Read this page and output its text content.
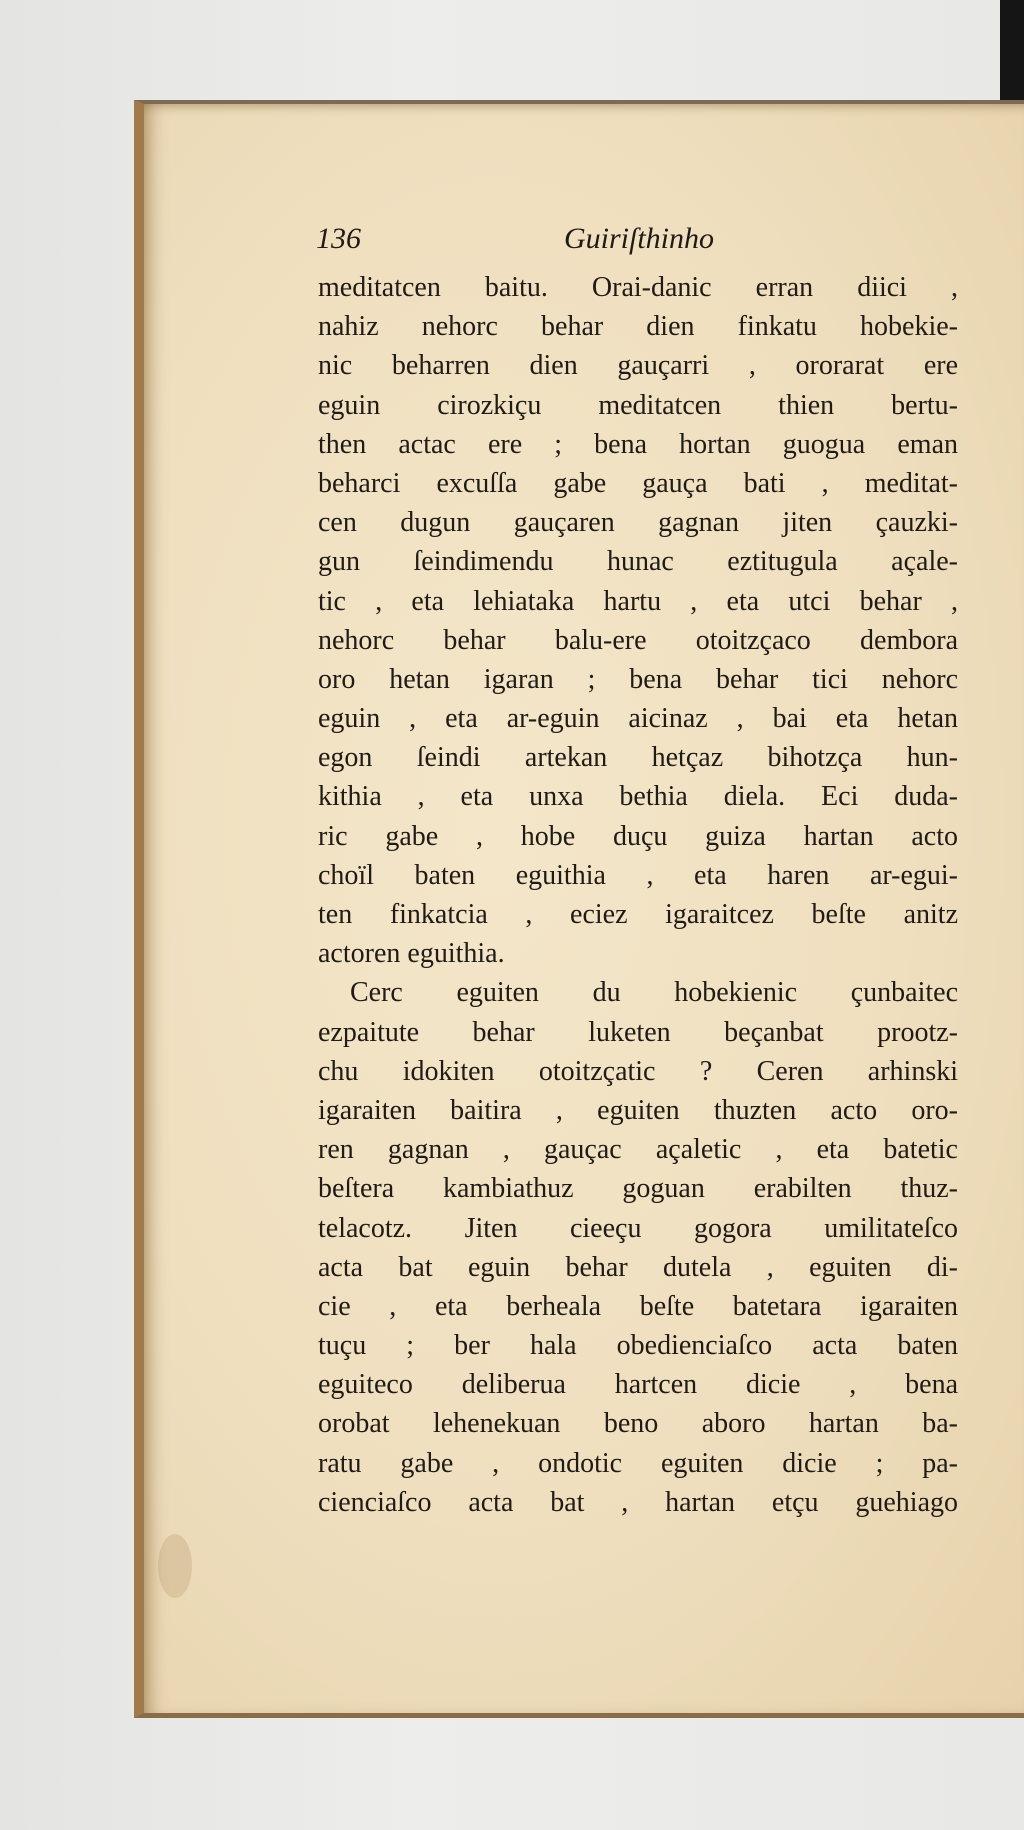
136	Guiriſthinho
meditatcen baitu. Orai-danic erran diici ,
nahiz nehorc behar dien finkatu hobekie-
nic beharren dien gauçarri , ororarat ere
eguin cirozkiçu meditatcen thien bertu-
then actac ere ; bena hortan guogua eman
beharci excuſſa gabe gauça bati , meditat-
cen dugun gauçaren gagnan jiten çauzki-
gun ſeindimendu hunac eztitugula açale-
tic , eta lehiataka hartu , eta utci behar ,
nehorc behar balu-ere otoitzçaco dembora
oro hetan igaran ; bena behar tici nehorc
eguin , eta ar-eguin aicinaz , bai eta hetan
egon ſeindi artekan hetçaz bihotzça hun-
kithia , eta unxa bethia diela. Eci duda-
ric gabe , hobe duçu guiza hartan acto
choïl baten eguithia , eta haren ar-egui-
ten finkatcia , eciez igaraitcez beſte anitz
actoren eguithia.
Cerc eguiten du hobekienic çunbaitec
ezpaitute behar luketen beçanbat prootz-
chu idokiten otoitzçatic ? Ceren arhinski
igaraiten baitira , eguiten thuzten acto oro-
ren gagnan , gauçac açaletic , eta batetic
beſtera kambiathuz goguan erabilten thuz-
telacotz. Jiten cieeçu gogora umilitateſco
acta bat eguin behar dutela , eguiten di-
cie , eta berheala beſte batetara igaraiten
tuçu ; ber hala obedienciaſco acta baten
eguiteco deliberua hartcen dicie , bena
orobat lehenekuan beno aboro hartan ba-
ratu gabe , ondotic eguiten dicie ; pa-
cienciaſco acta bat , hartan etçu guehiago
